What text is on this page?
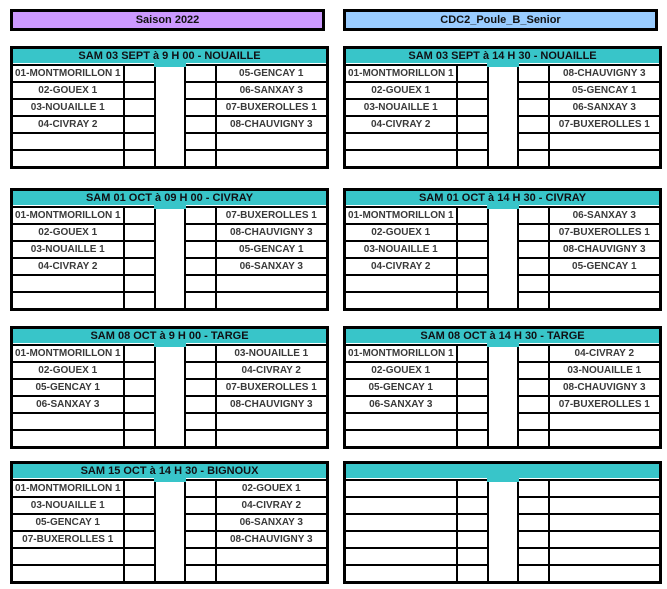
Saison 2022	CDC2_Poule_B_Senior
SAM 03 SEPT à 9 H 00 - NOUAILLE				
01-MONTMORILLON 1				05-GENCAY 1
02-GOUEX 1				06-SANXAY 3
03-NOUAILLE 1				07-BUXEROLLES 1
04-CIVRAY 2				08-CHAUVIGNY 3

SAM 03 SEPT à 14 H 30 - NOUAILLE				
01-MONTMORILLON 1				08-CHAUVIGNY 3
02-GOUEX 1				05-GENCAY 1
03-NOUAILLE 1				06-SANXAY 3
04-CIVRAY 2				07-BUXEROLLES 1

SAM 01 OCT à 09 H 00 - CIVRAY				
01-MONTMORILLON 1				07-BUXEROLLES 1
02-GOUEX 1				08-CHAUVIGNY 3
03-NOUAILLE 1				05-GENCAY 1
04-CIVRAY 2				06-SANXAY 3

SAM 01 OCT à 14 H 30 - CIVRAY				
01-MONTMORILLON 1				06-SANXAY 3
02-GOUEX 1				07-BUXEROLLES 1
03-NOUAILLE 1				08-CHAUVIGNY 3
04-CIVRAY 2				05-GENCAY 1

SAM 08 OCT à 9 H 00 - TARGE				
01-MONTMORILLON 1				03-NOUAILLE 1
02-GOUEX 1				04-CIVRAY 2
05-GENCAY 1				07-BUXEROLLES 1
06-SANXAY 3				08-CHAUVIGNY 3

SAM 08 OCT à 14 H 30 - TARGE				
01-MONTMORILLON 1				04-CIVRAY 2
02-GOUEX 1				03-NOUAILLE 1
05-GENCAY 1				08-CHAUVIGNY 3
06-SANXAY 3				07-BUXEROLLES 1

SAM 15 OCT à 14 H 30 - BIGNOUX				
01-MONTMORILLON 1				02-GOUEX 1
03-NOUAILLE 1				04-CIVRAY 2
05-GENCAY 1				06-SANXAY 3
07-BUXEROLLES 1				08-CHAUVIGNY 3
